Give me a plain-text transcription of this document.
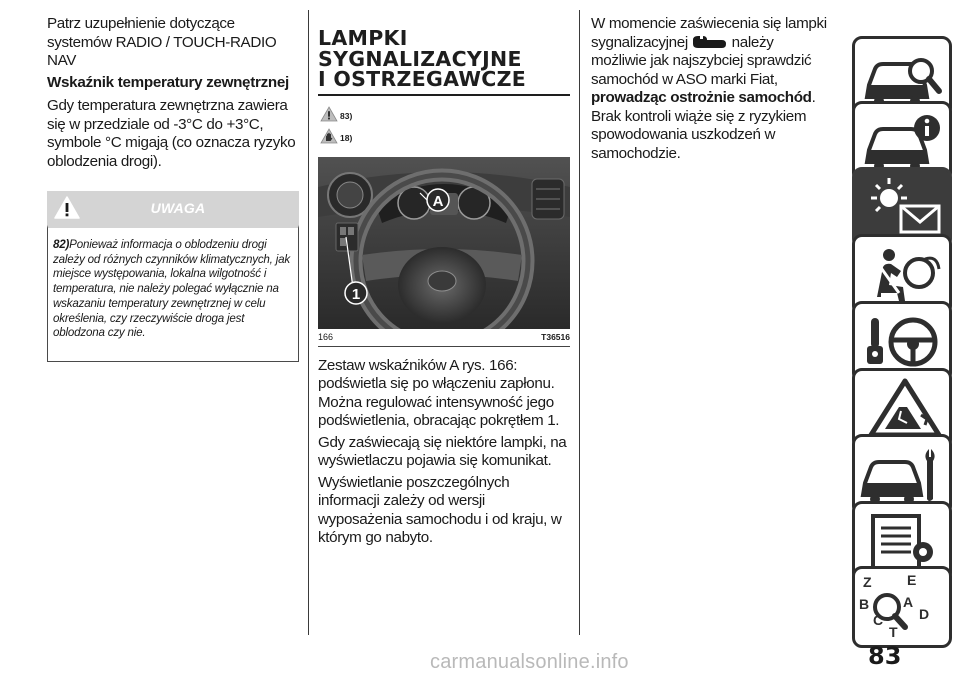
Patrz uzupełnienie dotyczące systemów RADIO / TOUCH-RADIO NAV

Wskaźnik temperatury zewnętrznej

Gdy temperatura zewnętrzna zawiera się w przedziale od -3°C do +3°C, symbole °C migają (co oznacza ryzyko oblodzenia drogi).

UWAGA
82)Ponieważ informacja o oblodzeniu drogi zależy od różnych czynników klimatycznych, jak miejsce występowania, lokalna wilgotność i temperatura, nie należy polegać wyłącznie na wskazaniu temperatury zewnętrznej w celu określenia, czy rzeczywiście droga jest oblodzona czy nie.
LAMPKI
SYGNALIZACYJNE
I OSTRZEGAWCZE
83)
18)
A
1
166	T36516

Zestaw wskaźników A rys. 166: podświetla się po włączeniu zapłonu. Można regulować intensywność jego podświetlenia, obracając pokrętłem 1.

Gdy zaświecają się niektóre lampki, na wyświetlaczu pojawia się komunikat.

Wyświetlanie poszczególnych informacji zależy od wersji wyposażenia samochodu i od kraju, w którym go nabyto.

W momencie zaświecenia się lampki sygnalizacyjnej	należy możliwie jak najszybciej sprawdzić samochód w ASO marki Fiat, prowadząc ostrożnie samochód. Brak kontroli wiąże się z ryzykiem spowodowania uszkodzeń w samochodzie.

Z	E
B A
C
T
D
83
carmanualsonline.info
